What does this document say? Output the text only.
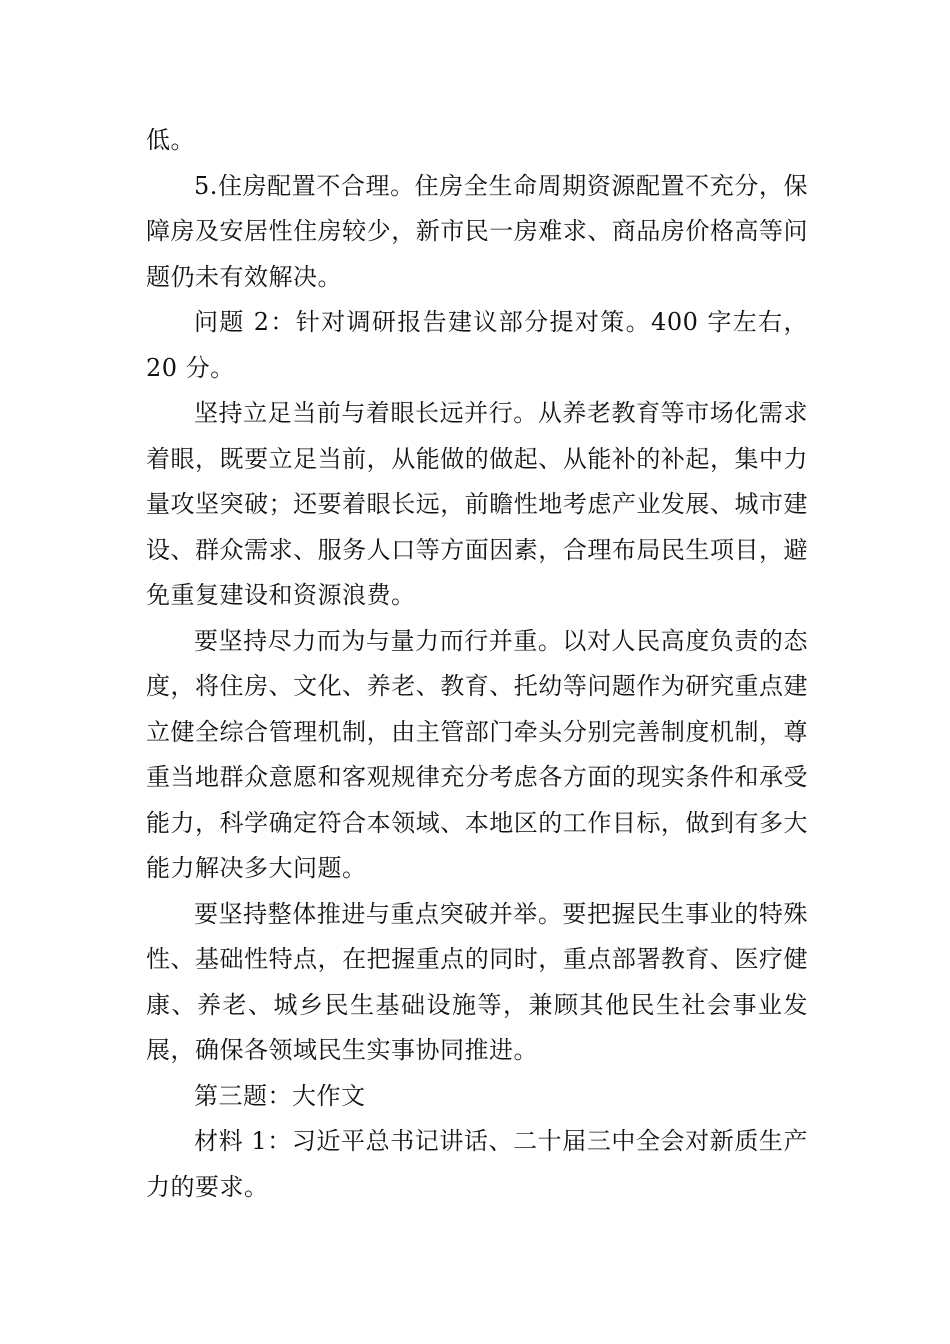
低。

5.住房配置不合理。住房全生命周期资源配置不充分，保障房及安居性住房较少，新市民一房难求、商品房价格高等问题仍未有效解决。

问题 2：针对调研报告建议部分提对策。400 字左右，20 分。

坚持立足当前与着眼长远并行。从养老教育等市场化需求着眼，既要立足当前，从能做的做起、从能补的补起，集中力量攻坚突破；还要着眼长远，前瞻性地考虑产业发展、城市建设、群众需求、服务人口等方面因素，合理布局民生项目，避免重复建设和资源浪费。

要坚持尽力而为与量力而行并重。以对人民高度负责的态度，将住房、文化、养老、教育、托幼等问题作为研究重点建立健全综合管理机制，由主管部门牵头分别完善制度机制，尊重当地群众意愿和客观规律充分考虑各方面的现实条件和承受能力，科学确定符合本领域、本地区的工作目标，做到有多大能力解决多大问题。

要坚持整体推进与重点突破并举。要把握民生事业的特殊性、基础性特点，在把握重点的同时，重点部署教育、医疗健康、养老、城乡民生基础设施等，兼顾其他民生社会事业发展，确保各领域民生实事协同推进。

第三题：大作文

材料 1：习近平总书记讲话、二十届三中全会对新质生产力的要求。
